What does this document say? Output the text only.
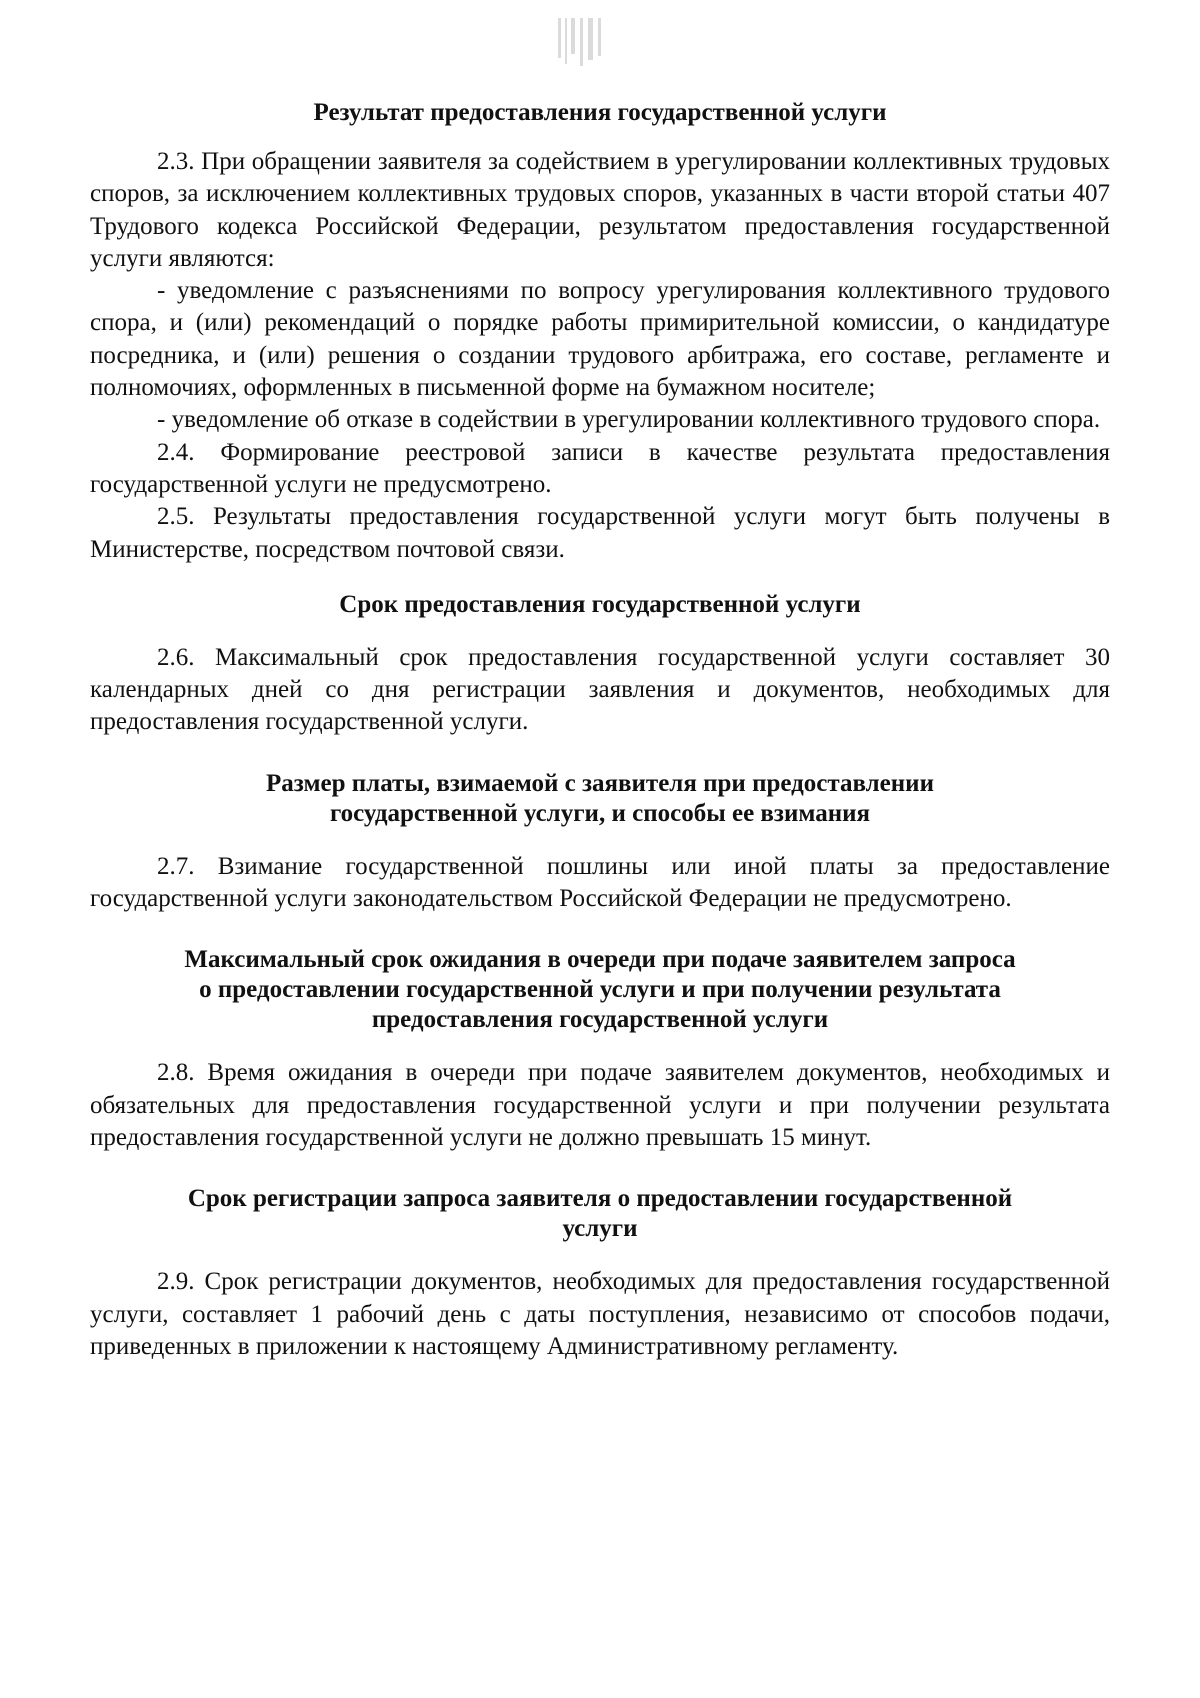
Результат предоставления государственной услуги

2.3. При обращении заявителя за содействием в урегулировании коллективных трудовых споров, за исключением коллективных трудовых споров, указанных в части второй статьи 407 Трудового кодекса Российской Федерации, результатом предоставления государственной услуги являются:

- уведомление с разъяснениями по вопросу урегулирования коллективного трудового спора, и (или) рекомендаций о порядке работы примирительной комиссии, о кандидатуре посредника, и (или) решения о создании трудового арбитража, его составе, регламенте и полномочиях, оформленных в письменной форме на бумажном носителе;

- уведомление об отказе в содействии в урегулировании коллективного трудового спора.

2.4. Формирование реестровой записи в качестве результата предоставления государственной услуги не предусмотрено.

2.5. Результаты предоставления государственной услуги могут быть получены в Министерстве, посредством почтовой связи.

Срок предоставления государственной услуги

2.6. Максимальный срок предоставления государственной услуги составляет 30 календарных дней со дня регистрации заявления и документов, необходимых для предоставления государственной услуги.

Размер платы, взимаемой с заявителя при предоставлении
государственной услуги, и способы ее взимания

2.7. Взимание государственной пошлины или иной платы за предоставление государственной услуги законодательством Российской Федерации не предусмотрено.

Максимальный срок ожидания в очереди при подаче заявителем запроса
о предоставлении государственной услуги и при получении результата
предоставления государственной услуги

2.8. Время ожидания в очереди при подаче заявителем документов, необходимых и обязательных для предоставления государственной услуги и при получении результата предоставления государственной услуги не должно превышать 15 минут.

Срок регистрации запроса заявителя о предоставлении государственной
услуги

2.9. Срок регистрации документов, необходимых для предоставления государственной услуги, составляет 1 рабочий день с даты поступления, независимо от способов подачи, приведенных в приложении к настоящему Административному регламенту.
